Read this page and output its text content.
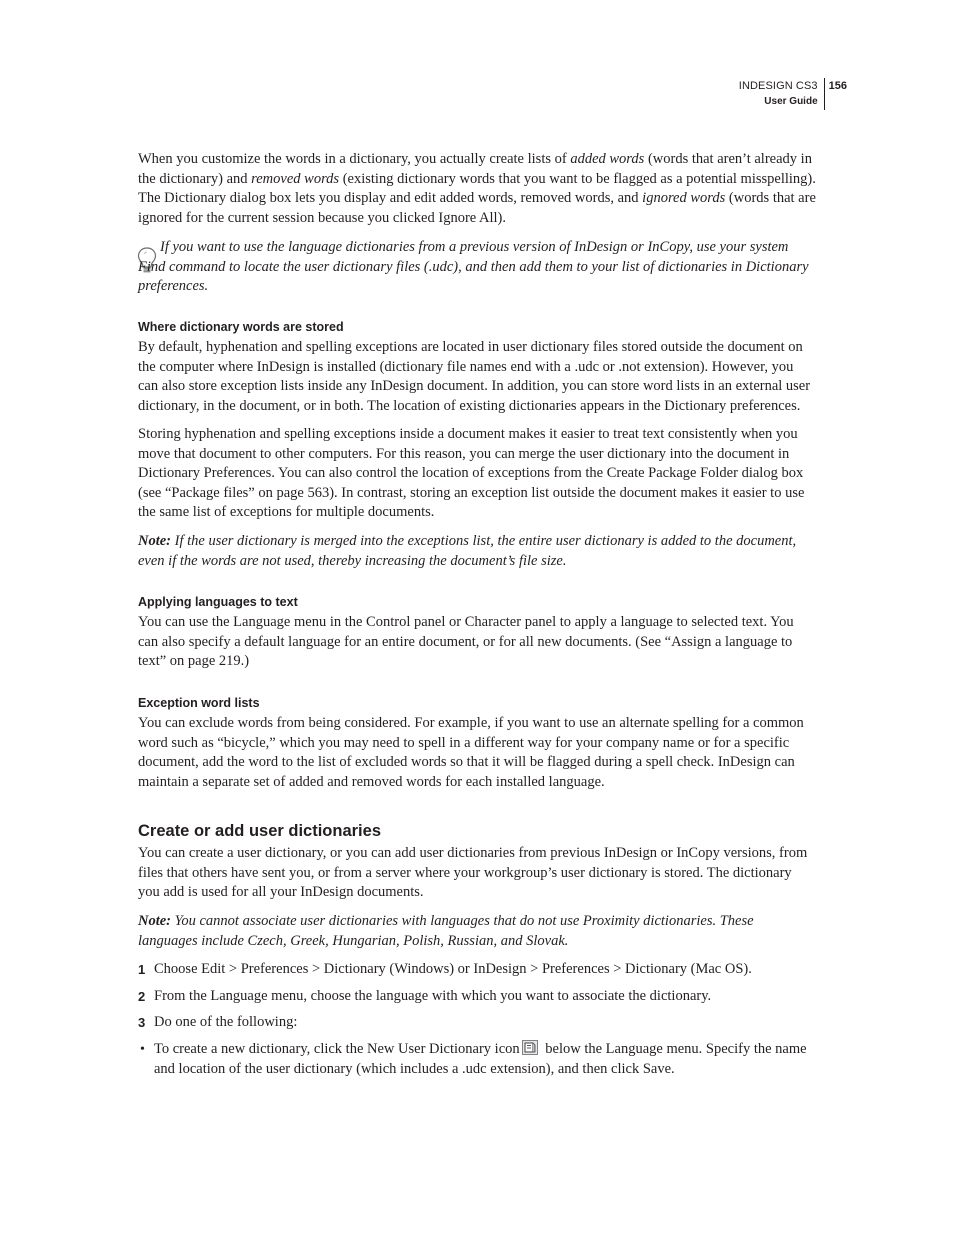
INDESIGN CS3
User Guide
156

When you customize the words in a dictionary, you actually create lists of added words (words that aren’t already in the dictionary) and removed words (existing dictionary words that you want to be flagged as a potential misspelling). The Dictionary dialog box lets you display and edit added words, removed words, and ignored words (words that are ignored for the current session because you clicked Ignore All).

If you want to use the language dictionaries from a previous version of InDesign or InCopy, use your system Find command to locate the user dictionary files (.udc), and then add them to your list of dictionaries in Dictionary preferences.

Where dictionary words are stored

By default, hyphenation and spelling exceptions are located in user dictionary files stored outside the document on the computer where InDesign is installed (dictionary file names end with a .udc or .not extension). However, you can also store exception lists inside any InDesign document. In addition, you can store word lists in an external user dictionary, in the document, or in both. The location of existing dictionaries appears in the Dictionary preferences.

Storing hyphenation and spelling exceptions inside a document makes it easier to treat text consistently when you move that document to other computers. For this reason, you can merge the user dictionary into the document in Dictionary Preferences. You can also control the location of exceptions from the Create Package Folder dialog box (see “Package files” on page 563). In contrast, storing an exception list outside the document makes it easier to use the same list of exceptions for multiple documents.

Note: If the user dictionary is merged into the exceptions list, the entire user dictionary is added to the document, even if the words are not used, thereby increasing the document’s file size.

Applying languages to text

You can use the Language menu in the Control panel or Character panel to apply a language to selected text. You can also specify a default language for an entire document, or for all new documents. (See “Assign a language to text” on page 219.)

Exception word lists

You can exclude words from being considered. For example, if you want to use an alternate spelling for a common word such as “bicycle,” which you may need to spell in a different way for your company name or for a specific document, add the word to the list of excluded words so that it will be flagged during a spell check. InDesign can maintain a separate set of added and removed words for each installed language.

Create or add user dictionaries

You can create a user dictionary, or you can add user dictionaries from previous InDesign or InCopy versions, from files that others have sent you, or from a server where your workgroup’s user dictionary is stored. The dictionary you add is used for all your InDesign documents.

Note: You cannot associate user dictionaries with languages that do not use Proximity dictionaries. These languages include Czech, Greek, Hungarian, Polish, Russian, and Slovak.

1 Choose Edit > Preferences > Dictionary (Windows) or InDesign > Preferences > Dictionary (Mac OS).
2 From the Language menu, choose the language with which you want to associate the dictionary.
3 Do one of the following:
• To create a new dictionary, click the New User Dictionary icon below the Language menu. Specify the name and location of the user dictionary (which includes a .udc extension), and then click Save.
